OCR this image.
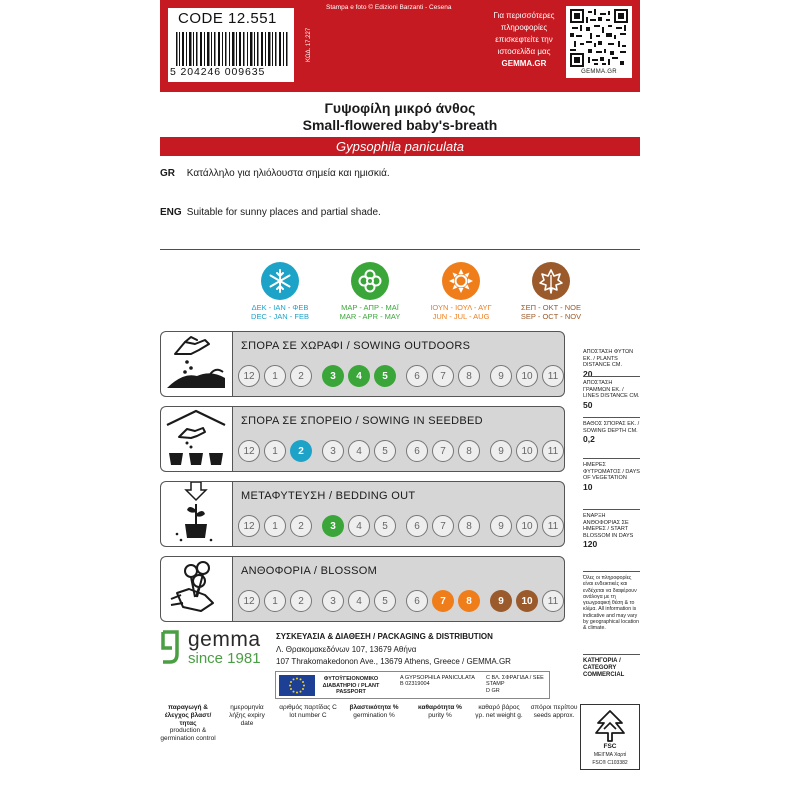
CODE 12.551
5 204246 009635
Stampa e foto © Edizioni Barzanti - Cesena
ΚΩΔ. 17.227
Για περισσότερες
πληροφορίες
επισκεφτείτε την
ιστοσελίδα μας
GEMMA.GR
GEMMA.GR
Γυψοφίλη μικρό άνθος
Small-flowered baby's-breath
Gypsophila paniculata
GR Κατάλληλο για ηλιόλουστα σημεία και ημισκιά.
ENG Suitable for sunny places and partial shade.
ΔΕΚ - ΙΑΝ - ΦΕΒ
DEC - JAN - FEB
ΜΑΡ - ΑΠΡ - ΜΑΪ
MAR - APR - MAY
ΙΟΥΝ - ΙΟΥΛ - ΑΥΓ
JUN - JUL - AUG
ΣΕΠ - ΟΚΤ - ΝΟΕ
SEP - OCT - NOV
ΣΠΟΡΑ ΣΕ ΧΩΡΑΦΙ / SOWING OUTDOORS
12	1	2	3	4	5	6	7	8	9	10	11
ΣΠΟΡΑ ΣΕ ΣΠΟΡΕΙΟ / SOWING IN SEEDBED
12	1	2	3	4	5	6	7	8	9	10	11
ΜΕΤΑΦΥΤΕΥΣΗ / BEDDING OUT
12	1	2	3	4	5	6	7	8	9	10	11
ΑΝΘΟΦΟΡΙΑ / BLOSSOM
12	1	2	3	4	5	6	7	8	9	10	11
ΑΠΟΣΤΑΣΗ ΦΥΤΩΝ ΕΚ. / PLANTS DISTANCE CM.
20
ΑΠΟΣΤΑΣΗ ΓΡΑΜΜΩΝ ΕΚ. / LINES DISTANCE CM.
50
ΒΑΘΟΣ ΣΠΟΡΑΣ ΕΚ. / SOWING DEPTH CM.
0,2
ΗΜΕΡΕΣ ΦΥΤΡΩΜΑΤΟΣ / DAYS OF VEGETATION
10
ΕΝΑΡΞΗ ΑΝΘΟΦΟΡΙΑΣ ΣΕ ΗΜΕΡΕΣ / START BLOSSOM IN DAYS
120
Όλες οι πληροφορίες είναι ενδεικτικές και ενδέχεται να διαφέρουν ανάλογα με τη γεωγραφική θέση & το κλίμα. All information is indicative and may vary by geographical location & climate.
ΚΑΤΗΓΟΡΙΑ / CATEGORY COMMERCIAL
gemma
since 1981
ΣΥΣΚΕΥΑΣΙΑ & ΔΙΑΘΕΣΗ / PACKAGING & DISTRIBUTION
Λ. Θρακομακεδόνων 107, 13679 Αθήνα
107 Thrakomakedonon Ave., 13679 Athens, Greece / GEMMA.GR
ΦΥΤΟΫΓΕΙΟΝΟΜΙΚΟ ΔΙΑΒΑΤΗΡΙΟ / PLANT PASSPORT
A GYPSOPHILA PANICULATA
B 02319004
C ΒΛ. ΣΦΡΑΓΙΔΑ / SEE STAMP
D GR
παραγωγή & έλεγχος βλαστ/τητας
production & germination control
ημερομηνία λήξης expiry date
αριθμός παρτίδας C lot number C
βλαστικότητα %
germination %
καθαρότητα %
purity %
καθαρό βάρος γρ. net weight g.
σπόροι περίπου seeds approx.
FSC
ΜΕΙΓΜΑ Χαρτί
FSC® C103382
